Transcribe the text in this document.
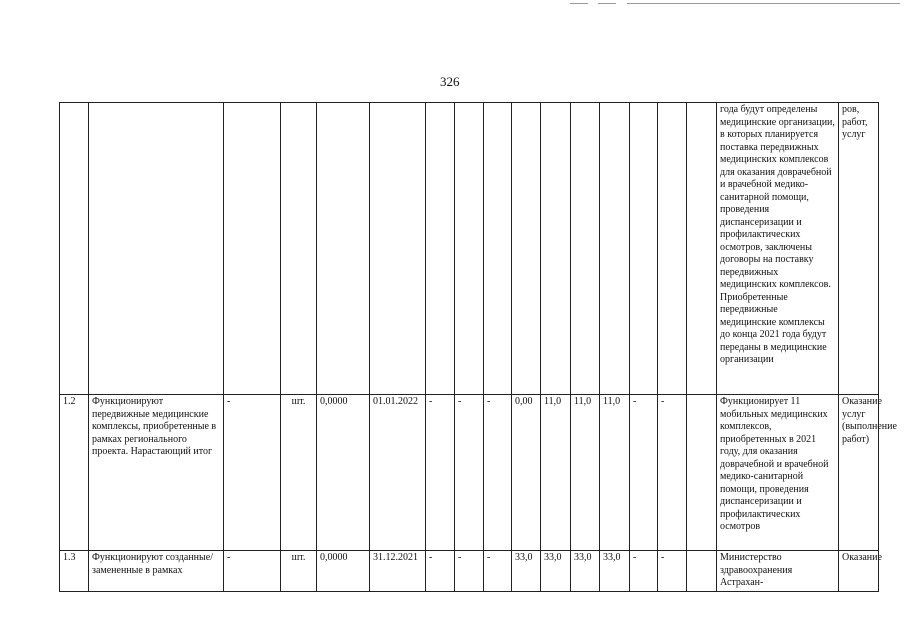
326
																года будут определены медицинские организации, в которых планируется поставка передвижных медицинских комплексов для оказания доврачебной и врачебной медико-санитарной помощи, проведения диспансеризации и профилактических осмотров, заключены договоры на поставку передвижных медицинских комплексов. Приобретенные передвижные медицинские комплексы до конца 2021 года будут переданы в медицинские организации	ров, работ, услуг
1.2	Функционируют передвижные медицинские комплексы, приобретенные в рамках регионального проекта. Нарастающий итог	-	шт.	0,0000	01.01.2022	-	-	-	0,00	11,0	11,0	11,0	-	-		Функционирует 11 мобильных медицинских комплексов, приобретенных в 2021 году, для оказания доврачебной и врачебной медико-санитарной помощи, проведения диспансеризации и профилактических осмотров	Оказание услуг (выполнение работ)
1.3	Функционируют созданные/замененные в рамках	-	шт.	0,0000	31.12.2021	-	-	-	33,0	33,0	33,0	33,0	-	-		Министерство здравоохранения Астрахан-	Оказание
